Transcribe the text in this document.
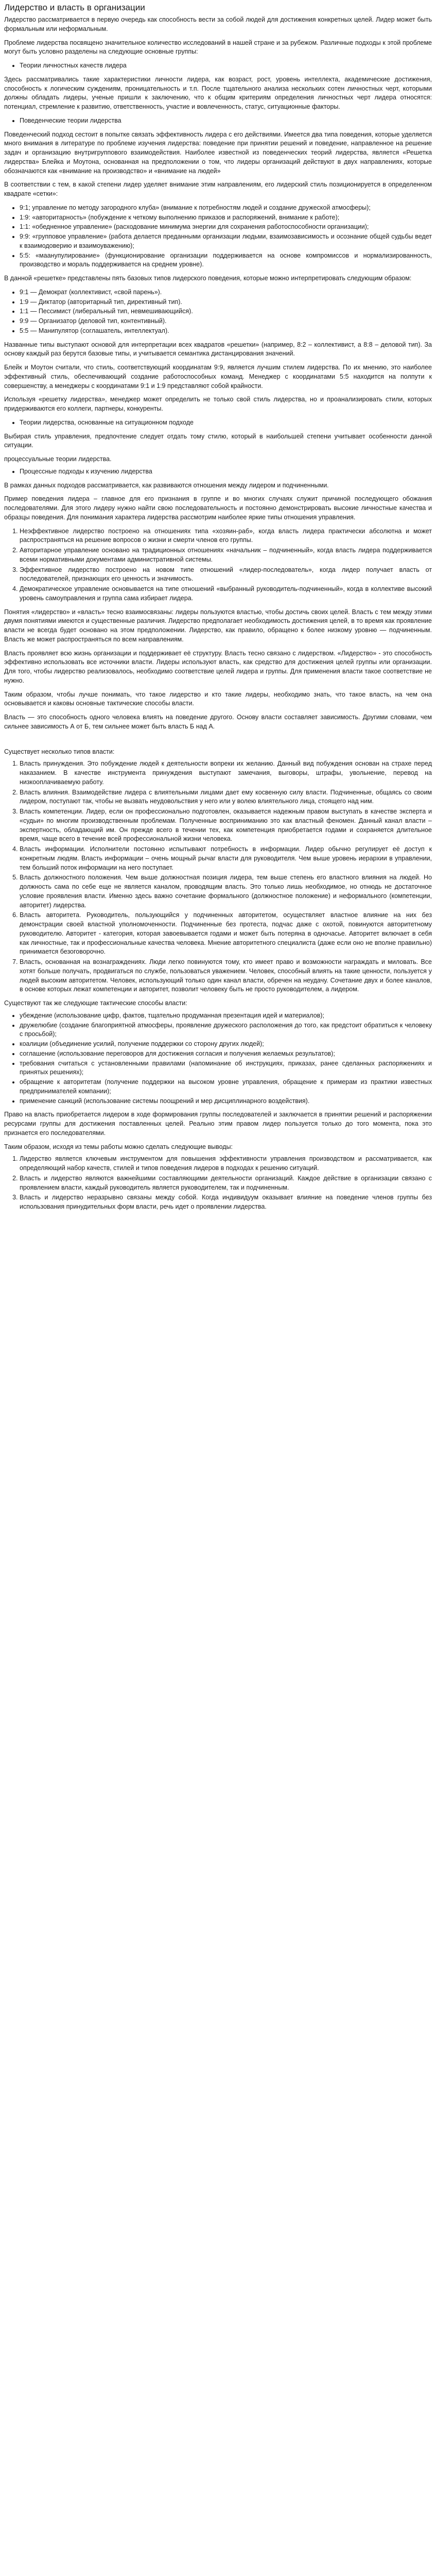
Лидерство и власть в организации

Лидерство рассматривается в первую очередь как способность вести за собой людей для достижения конкретных целей. Лидер может быть формальным или неформальным.

Проблеме лидерства посвящено значительное количество исследований в нашей стране и за рубежом. Различные подходы к этой проблеме могут быть условно разделены на следующие основные группы:

• Теории личностных качеств лидера

Здесь рассматривались такие характеристики личности лидера, как возраст, рост, уровень интеллекта, академические достижения, способность к логическим суждениям, проницательность и т.п. После тщательного анализа нескольких сотен личностных черт, которыми должны обладать лидеры, ученые пришли к заключению, что к общим критериям определения личностных черт лидера относятся: потенциал, стремление к развитию, ответственность, участие и вовлеченность, статус, ситуационные факторы.

• Поведенческие теории лидерства

Поведенческий подход сестоит в попытке связать эффективность лидера с его действиями. Имеется два типа поведения, которые уделяется много внимания в литературе по проблеме изучения лидерства: поведение при принятии решений и поведение, направленное на решение задач и организацию внутригруппового взаимодействия. Наиболее известной из поведенческих теорий лидерства, является «Решетка лидерства» Блейка и Моутона, основанная на предположении о том, что лидеры организаций действуют в двух направлениях, которые обозначаются как «внимание на производство» и «внимание на людей»

В соответствии с тем, в какой степени лидер уделяет внимание этим направлениям, его лидерский стиль позиционируется в определенном квадрате «сетки»:

• 9:1; управление по методу загородного клуба» (внимание к потребностям людей и создание дружеской атмосферы);
• 1:9: «авторитарность» (побуждение к четкому выполнению приказов и распоряжений, внимание к работе);
• 1:1: «обедненное управление» (расходование минимума энергии для сохранения работоспособности организации);
• 9:9: «групповое управление» (работа делается преданными организации людьми, взаимозависимость и осознание общей судьбы ведет к взаимодоверию и взаимоуважению);
• 5:5: «маанупулирование» (функционирование организации поддерживается на основе компромиссов и нормализированность, производство и мораль поддерживается на среднем уровне).

В данной «решетке» представлены пять базовых типов лидерского поведения, которые можно интерпретировать следующим образом:

• 9:1 — Демократ (коллективист, «свой парень»).
• 1:9 — Диктатор (авторитарный тип, директивный тип).
• 1:1 — Пессимист (либеральный тип, невмешивающийся).
• 9:9 — Организатор (деловой тип, контентивный).
• 5:5 — Манипулятор (соглашатель, интеллектуал).

Названные типы выступают основой для интерпретации всех квадратов «решетки» (например, 8:2 – коллективист, а 8:8 – деловой тип). За основу каждый раз берутся базовые типы, и учитывается семантика дистанцирования значений.

Блейк и Моутон считали, что стиль, соответствующий координатам 9:9, является лучшим стилем лидерства. По их мнению, это наиболее эффективный стиль, обеспечивающий создание работоспособных команд. Менеджер с координатами 5:5 находится на полпути к совершенству, а менеджеры с координатами 9:1 и 1:9 представляют собой крайности.

Используя «решетку лидерства», менеджер может определить не только свой стиль лидерства, но и проанализировать стили, которых придерживаются его коллеги, партнеры, конкуренты.

• Теории лидерства, основанные на ситуационном подходе

Выбирая стиль управления, предпочтение следует отдать тому стилю, который в наибольшей степени учитывает особенности данной ситуации.

процессуальные теории лидерства.

• Процессные подходы к изучению лидерства

В рамках данных подходов рассматривается, как развиваются отношения между лидером и подчиненными.

Пример поведения лидера – главное для его признания в группе и во многих случаях служит причиной последующего обожания последователями. Для этого лидеру нужно найти свою последовательность и постоянно демонстрировать высокие личностные качества и образцы поведения. Для понимания характера лидерства рассмотрим наиболее яркие типы отношения управления.

1. Неэффективное лидерство построено на отношениях типа «хозяин-раб», когда власть лидера практически абсолютна и может распространяться на решение вопросов о жизни и смерти членов его группы.
2. Авторитарное управление основано на традиционных отношениях «начальник – подчиненный», когда власть лидера поддерживается всеми нормативными документами административной системы.
3. Эффективное лидерство построено на новом типе отношений «лидер-последователь», когда лидер получает власть от последователей, признающих его ценность и значимость.
4. Демократическое управление основывается на типе отношений «выбранный руководитель-подчиненный», когда в коллективе высокий уровень самоуправления и группа сама избирает лидера.

Понятия «лидерство» и «власть» тесно взаимосвязаны: лидеры пользуются властью, чтобы достичь своих целей. Власть с тем между этими двумя понятиями имеются и существенные различия. Лидерство предполагает необходимость достижения целей, в то время как проявление власти не всегда будет основано на этом предположении. Лидерство, как правило, обращено к более низкому уровню — подчиненным. Власть же может распространяться по всем направлениям.

Власть проявляет всю жизнь организации и поддерживает её структуру. Власть тесно связано с лидерством. «Лидерство» - это способность эффективно использовать все источники власти. Лидеры используют власть, как средство для достижения целей группы или организации. Для того, чтобы лидерство реализовалось, необходимо соответствие целей лидера и группы. Для применения власти такое соответствие не нужно.

Таким образом, чтобы лучше понимать, что такое лидерство и кто такие лидеры, необходимо знать, что такое власть, на чем она основывается и каковы основные тактические способы власти.

Власть — это способность одного человека влиять на поведение другого. Основу власти составляет зависимость. Другими словами, чем сильнее зависимость А от Б, тем сильнее может быть власть Б над А.

Существует несколько типов власти:

1. Власть принуждения. Это побуждение людей к деятельности вопреки их желанию. Данный вид побуждения основан на страхе перед наказанием. В качестве инструмента принуждения выступают замечания, выговоры, штрафы, увольнение, перевод на низкооплачиваемую работу.
2. Власть влияния. Взаимодействие лидера с влиятельными лицами дает ему косвенную силу власти. Подчиненные, общаясь со своим лидером, поступают так, чтобы не вызвать неудовольствия у него или у волею влиятельного лица, стоящего над ним.
3. Власть компетенции. Лидер, если он профессионально подготовлен, оказывается надежным правом выступать в качестве эксперта и «судьи» по многим производственным проблемам. Полученные восприниманию это как властный феномен. Данный канал власти – экспертность, обладающий им. Он прежде всего в течении тех, как компетенция приобретается годами и сохраняется длительное время, чаще всего в течение всей профессиональной жизни человека.
4. Власть информации. Исполнители постоянно испытывают потребность в информации. Лидер обычно регулирует её доступ к конкретным людям. Власть информации – очень мощный рычаг власти для руководителя. Чем выше уровень иерархии в управлении, тем больший поток информации на него поступает.
5. Власть должностного положения. Чем выше должностная позиция лидера, тем выше степень его властного влияния на людей. Но должность сама по себе еще не является каналом, проводящим власть. Это только лишь необходимое, но отнюдь не достаточное условие проявления власти. Именно здесь важно сочетание формального (должностное положение) и неформального (компетенции, авторитет) лидерства.
6. Власть авторитета. Руководитель, пользующийся у подчиненных авторитетом, осуществляет властное влияние на них без демонстрации своей властной уполномоченности. Подчиненные без протеста, подчас даже с охотой, повинуются авторитетному руководителю. Авторитет - категория, которая завоевывается годами и может быть потеряна в одночасье. Авторитет включает в себя как личностные, так и профессиональные качества человека. Мнение авторитетного специалиста (даже если оно не вполне правильно) принимается безоговорочно.
7. Власть, основанная на вознаграждениях. Люди легко повинуются тому, кто имеет право и возможности награждать и миловать. Все хотят больше получать, продвигаться по службе, пользоваться уважением. Человек, способный влиять на такие ценности, пользуется у людей высоким авторитетом. Человек, использующий только один канал власти, обречен на неудачу. Сочетание двух и более каналов, в основе которых лежат компетенции и авторитет, позволит человеку быть не просто руководителем, а лидером.

Существуют так же следующие тактические способы власти:

• убеждение (использование цифр, фактов, тщательно продуманная презентация идей и материалов);
• дружелюбие (создание благоприятной атмосферы, проявление дружеского расположения до того, как предстоит обратиться к человеку с просьбой);
• коалиции (объединение усилий, получение поддержки со сторону других людей);
• соглашение (использование переговоров для достижения согласия и получения желаемых результатов);
• требования считаться с установленными правилами (напоминание об инструкциях, приказах, ранее сделанных распоряжениях и принятых решениях);
• обращение к авторитетам (получение поддержки на высоком уровне управления, обращение к примерам из практики известных предпринимателей компании);
• применение санкций (использование системы поощрений и мер дисциплинарного воздействия).

Право на власть приобретается лидером в ходе формирования группы последователей и заключается в принятии решений и распоряжении ресурсами группы для достижения поставленных целей. Реально этим правом лидер пользуется только до того момента, пока это признается его последователями.

Таким образом, исходя из темы работы можно сделать следующие выводы:

1. Лидерство является ключевым инструментом для повышения эффективности управления производством и рассматривается, как определяющий набор качеств, стилей и типов поведения лидеров в подходах к решению ситуаций.
2. Власть и лидерство являются важнейшими составляющими деятельности организаций. Каждое действие в организации связано с проявлением власти, каждый руководитель является руководителем, так и подчиненным.
3. Власть и лидерство неразрывно связаны между собой. Когда индивидуум оказывает влияние на поведение членов группы без использования принудительных форм власти, речь идет о проявлении лидерства.
